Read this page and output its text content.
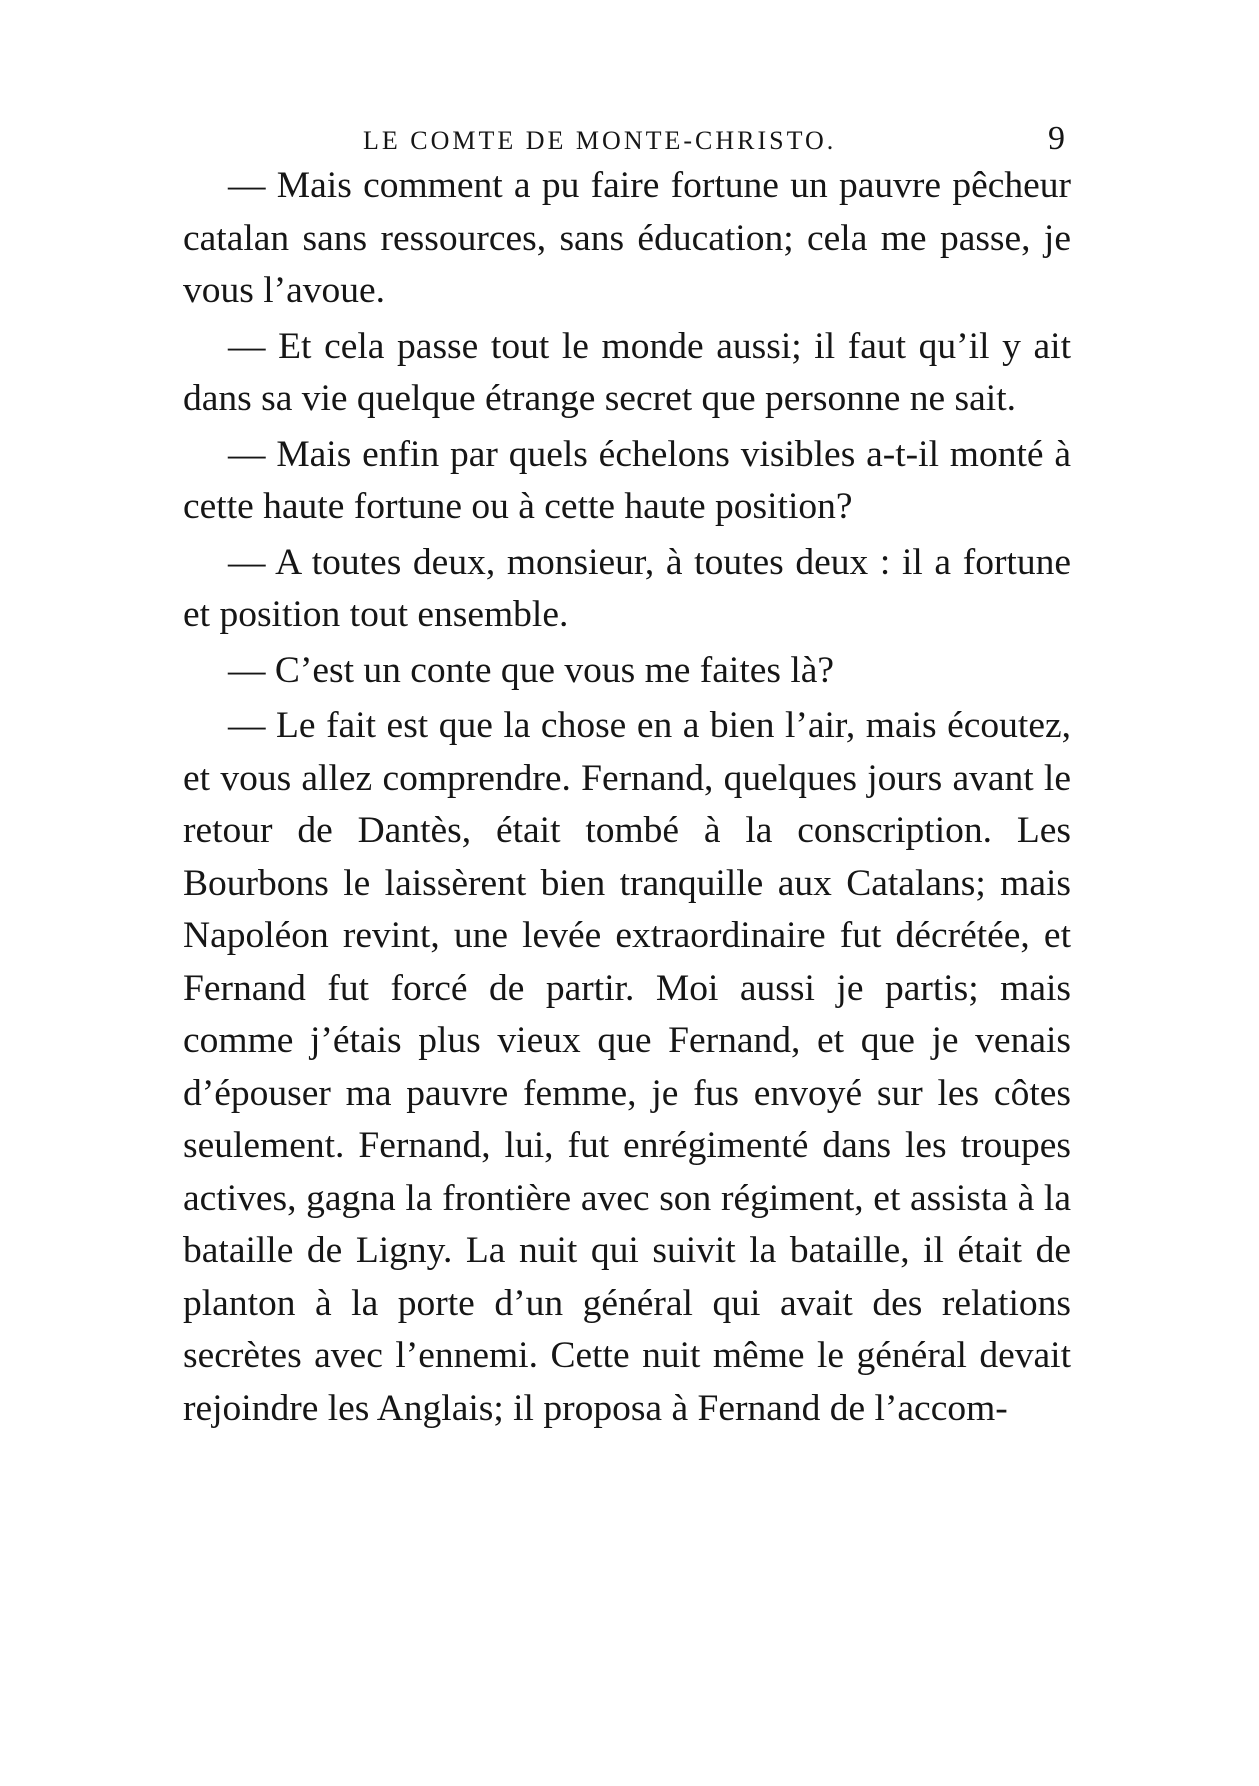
LE COMTE DE MONTE-CHRISTO.	9

— Mais comment a pu faire fortune un pauvre pêcheur catalan sans ressources, sans éducation; cela me passe, je vous l’avoue.

— Et cela passe tout le monde aussi; il faut qu’il y ait dans sa vie quelque étrange secret que personne ne sait.

— Mais enfin par quels échelons visibles a-t-il monté à cette haute fortune ou à cette haute position?

— A toutes deux, monsieur, à toutes deux : il a fortune et position tout ensemble.

— C’est un conte que vous me faites là?

— Le fait est que la chose en a bien l’air, mais écoutez, et vous allez comprendre. Fernand, quelques jours avant le retour de Dantès, était tombé à la conscription. Les Bourbons le laissèrent bien tranquille aux Catalans; mais Napoléon revint, une levée extraordinaire fut décrétée, et Fernand fut forcé de partir. Moi aussi je partis; mais comme j’étais plus vieux que Fernand, et que je venais d’épouser ma pauvre femme, je fus envoyé sur les côtes seulement. Fernand, lui, fut enrégimenté dans les troupes actives, gagna la frontière avec son régiment, et assista à la bataille de Ligny. La nuit qui suivit la bataille, il était de planton à la porte d’un général qui avait des relations secrètes avec l’ennemi. Cette nuit même le général devait rejoindre les Anglais; il proposa à Fernand de l’accom-
